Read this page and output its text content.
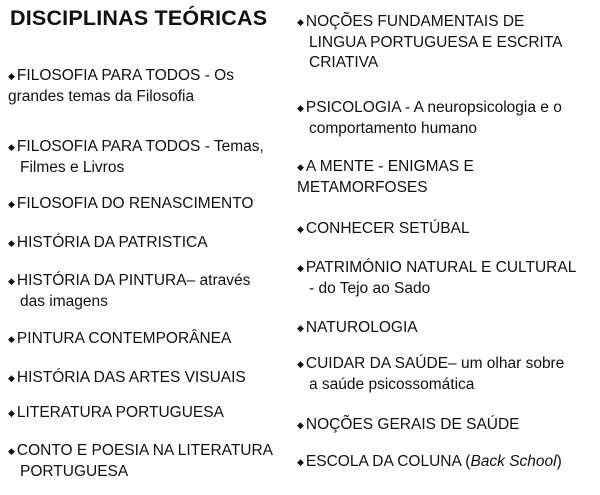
DISCIPLINAS TEÓRICAS
◆ FILOSOFIA PARA TODOS - Os
grandes temas da Filosofia
◆ FILOSOFIA PARA TODOS - Temas,
Filmes e Livros
◆ FILOSOFIA DO RENASCIMENTO
◆ HISTÓRIA DA PATRISTICA
◆ HISTÓRIA DA PINTURA– através
das imagens
◆ PINTURA CONTEMPORÂNEA
◆ HISTÓRIA DAS ARTES VISUAIS
◆ LITERATURA PORTUGUESA
◆ CONTO E POESIA NA LITERATURA
PORTUGUESA
◆ NOÇÕES FUNDAMENTAIS DE
LINGUA PORTUGUESA E ESCRITA
CRIATIVA
◆ PSICOLOGIA - A neuropsicologia e o
comportamento humano
◆ A MENTE - ENIGMAS E
METAMORFOSES
◆ CONHECER SETÚBAL
◆ PATRIMÓNIO NATURAL E CULTURAL
- do Tejo ao Sado
◆ NATUROLOGIA
◆ CUIDAR DA SAÚDE– um olhar sobre
a saúde psicossomática
◆ NOÇÕES GERAIS DE SAÚDE
◆ ESCOLA DA COLUNA (Back School)
